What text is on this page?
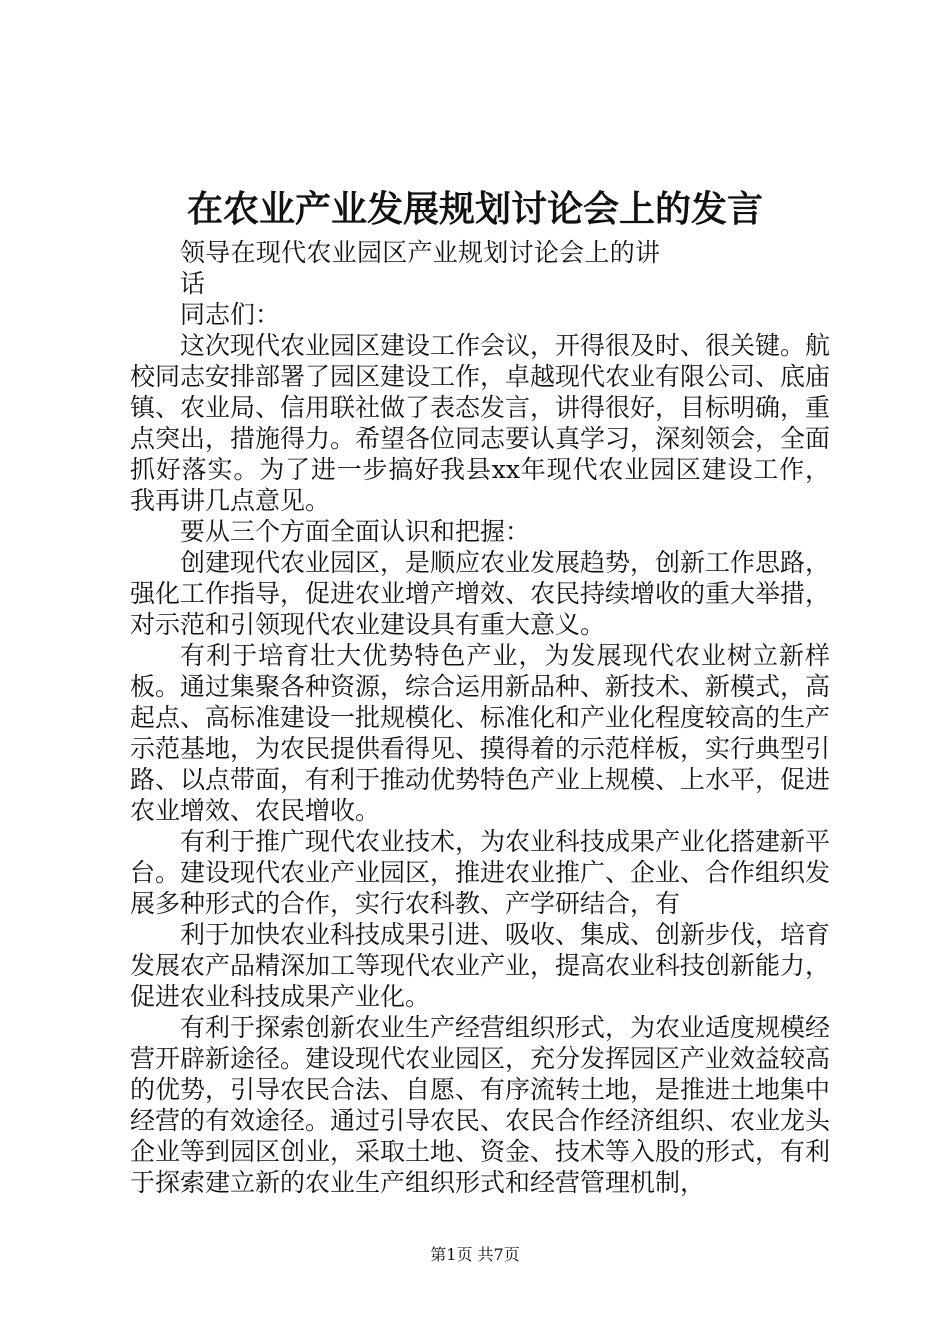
在农业产业发展规划讨论会上的发言

领导在现代农业园区产业规划讨论会上的讲话

同志们：

这次现代农业园区建设工作会议，开得很及时、很关键。航校同志安排部署了园区建设工作，卓越现代农业有限公司、底庙镇、农业局、信用联社做了表态发言，讲得很好，目标明确，重点突出，措施得力。希望各位同志要认真学习，深刻领会，全面抓好落实。为了进一步搞好我县xx年现代农业园区建设工作，我再讲几点意见。

要从三个方面全面认识和把握：

创建现代农业园区，是顺应农业发展趋势，创新工作思路，强化工作指导，促进农业增产增效、农民持续增收的重大举措，对示范和引领现代农业建设具有重大意义。

有利于培育壮大优势特色产业，为发展现代农业树立新样板。通过集聚各种资源，综合运用新品种、新技术、新模式，高起点、高标准建设一批规模化、标准化和产业化程度较高的生产示范基地，为农民提供看得见、摸得着的示范样板，实行典型引路、以点带面，有利于推动优势特色产业上规模、上水平，促进农业增效、农民增收。

有利于推广现代农业技术，为农业科技成果产业化搭建新平台。建设现代农业产业园区，推进农业推广、企业、合作组织发展多种形式的合作，实行农科教、产学研结合，有

利于加快农业科技成果引进、吸收、集成、创新步伐，培育发展农产品精深加工等现代农业产业，提高农业科技创新能力，促进农业科技成果产业化。

有利于探索创新农业生产经营组织形式，为农业适度规模经营开辟新途径。建设现代农业园区，充分发挥园区产业效益较高的优势，引导农民合法、自愿、有序流转土地，是推进土地集中经营的有效途径。通过引导农民、农民合作经济组织、农业龙头企业等到园区创业，采取土地、资金、技术等入股的形式，有利于探索建立新的农业生产组织形式和经营管理机制，

第1页 共7页
